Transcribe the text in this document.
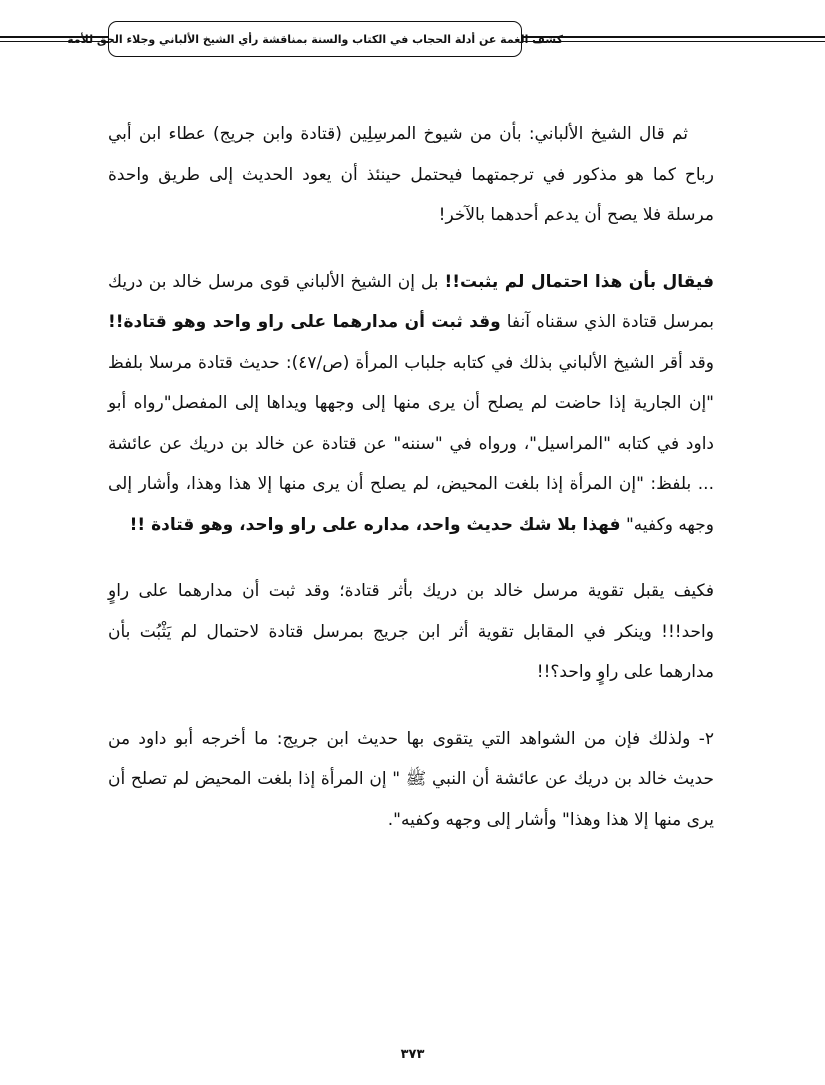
كشف الغمة عن أدلة الحجاب في الكتاب والسنة بمناقشة رأي الشيخ الألباني وجلاء الحق للأمة

ثم قال الشيخ الألباني: بأن من شيوخ المرسِلِين (قتادة وابن جريج) عطاء ابن أبي رباح كما هو مذكور في ترجمتهما فيحتمل حينئذ أن يعود الحديث إلى طريق واحدة مرسلة فلا يصح أن يدعم أحدهما بالآخر!

فيقال بأن هذا احتمال لم يثبت!! بل إن الشيخ الألباني قوى مرسل خالد بن دريك بمرسل قتادة الذي سقناه آنفا وقد ثبت أن مدارهما على راو واحد وهو قتادة!! وقد أقر الشيخ الألباني بذلك في كتابه جلباب المرأة (ص/٤٧): حديث قتادة مرسلا بلفظ "إن الجارية إذا حاضت لم يصلح أن يرى منها إلى وجهها ويداها إلى المفصل"رواه أبو داود في كتابه "المراسيل"، ورواه في "سننه" عن قتادة عن خالد بن دريك عن عائشة ... بلفظ: "إن المرأة إذا بلغت المحيض، لم يصلح أن يرى منها إلا هذا وهذا، وأشار إلى وجهه وكفيه" فهذا بلا شك حديث واحد، مداره على راو واحد، وهو قتادة !!

فكيف يقبل تقوية مرسل خالد بن دريك بأثر قتادة؛ وقد ثبت أن مدارهما على راوٍ واحد!!! وينكر في المقابل تقوية أثر ابن جريج بمرسل قتادة لاحتمال لم يَثْبُت بأن مدارهما على راوٍ واحد؟!!

٢- ولذلك فإن من الشواهد التي يتقوى بها حديث ابن جريج: ما أخرجه أبو داود من حديث خالد بن دريك عن عائشة أن النبي ﷺ " إن المرأة إذا بلغت المحيض لم تصلح أن يرى منها إلا هذا وهذا" وأشار إلى وجهه وكفيه".

٣٧٣
